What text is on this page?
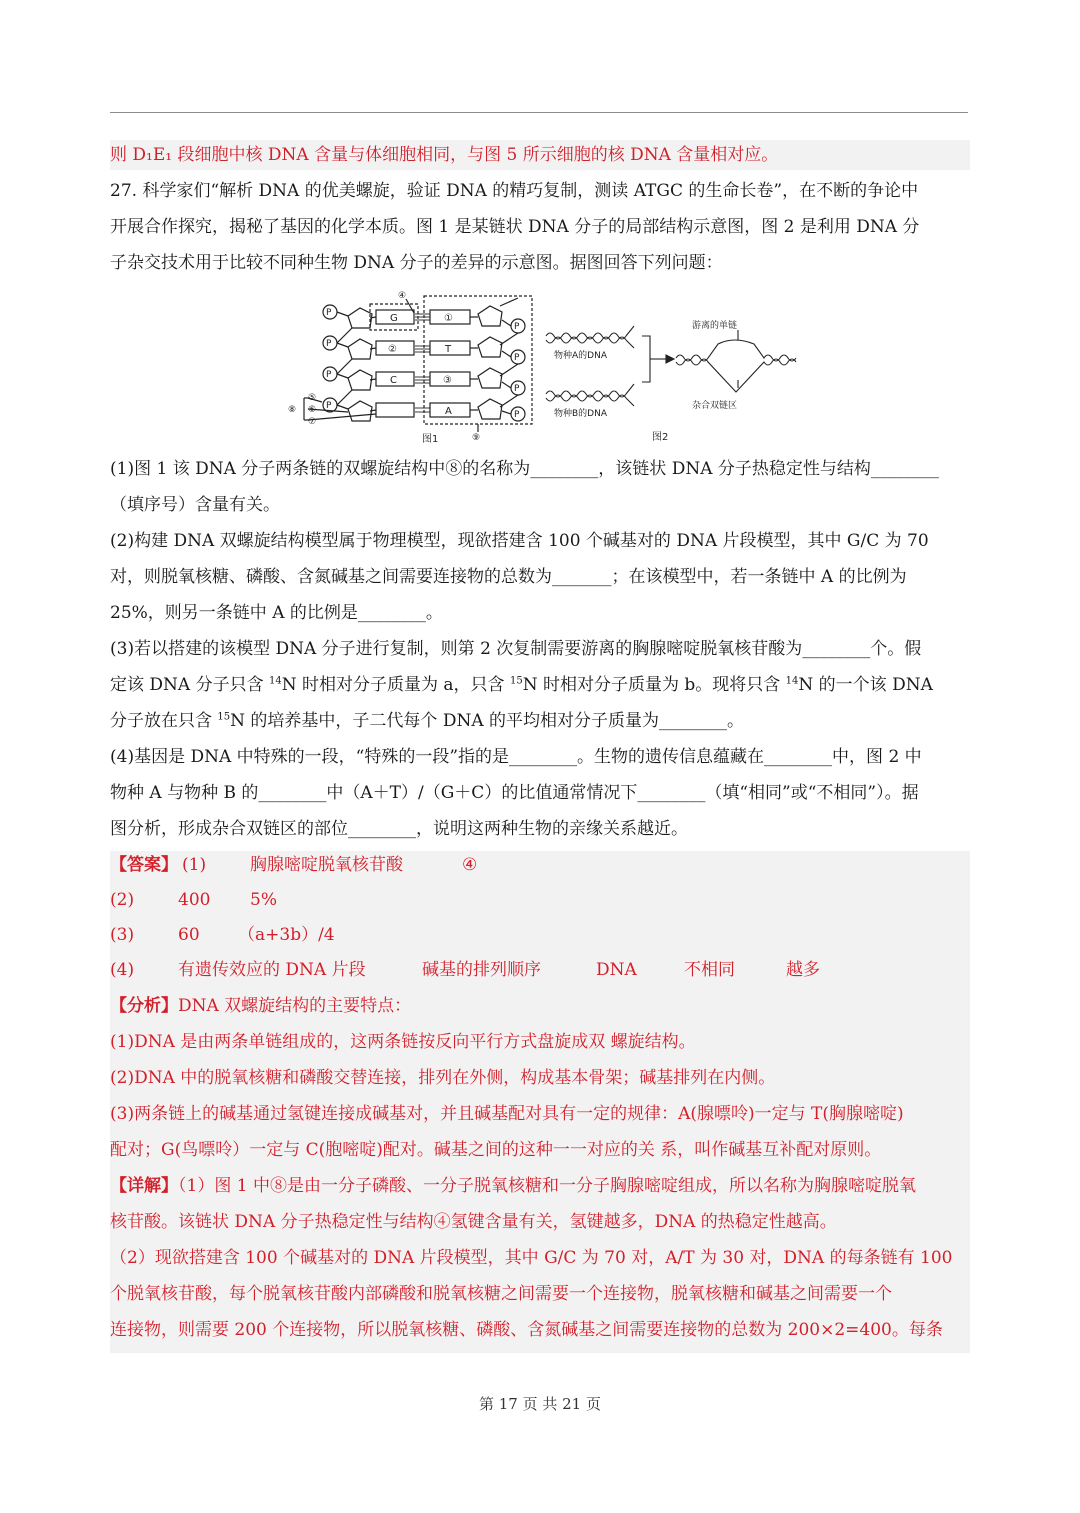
则 D₁E₁ 段细胞中核 DNA 含量与体细胞相同，与图 5 所示细胞的核 DNA 含量相对应。
27. 科学家们“解析 DNA 的优美螺旋，验证 DNA 的精巧复制，测读 ATGC 的生命长卷”，在不断的争论中
开展合作探究，揭秘了基因的化学本质。图 1 是某链状 DNA 分子的局部结构示意图，图 2 是利用 DNA 分
子杂交技术用于比较不同种生物 DNA 分子的差异的示意图。据图回答下列问题：
P
P
P
P
P
P
P
P
G
②
C
①
T
③
A
④
⑤
⑥
⑦
⑧
⑨
图1
物种A的DNA
物种B的DNA
游离的单链
杂合双链区
图2
(1)图 1 该 DNA 分子两条链的双螺旋结构中⑧的名称为________，该链状 DNA 分子热稳定性与结构________
（填序号）含量有关。
(2)构建 DNA 双螺旋结构模型属于物理模型，现欲搭建含 100 个碱基对的 DNA 片段模型，其中 G/C 为 70
对，则脱氧核糖、磷酸、含氮碱基之间需要连接物的总数为_______；在该模型中，若一条链中 A 的比例为
25%，则另一条链中 A 的比例是________。
(3)若以搭建的该模型 DNA 分子进行复制，则第 2 次复制需要游离的胸腺嘧啶脱氧核苷酸为________个。假
定该 DNA 分子只含 $^{14}$N 时相对分子质量为 a，只含 $^{15}$N 时相对分子质量为 b。现将只含 $^{14}$N 的一个该 DNA
分子放在只含 $^{15}$N 的培养基中，子二代每个 DNA 的平均相对分子质量为________。
(4)基因是 DNA 中特殊的一段，“特殊的一段”指的是________。生物的遗传信息蕴藏在________中，图 2 中
物种 A 与物种 B 的________中（A＋T）/（G＋C）的比值通常情况下________（填“相同”或“不相同”）。据
图分析，形成杂合双链区的部位________，说明这两种生物的亲缘关系越近。
【答案】 (1)	胸腺嘧啶脱氧核苷酸	④
(2)	400 5%
(3)	60 （a+3b）/4
(4)	有遗传效应的 DNA 片段	碱基的排列顺序	DNA	不相同	越多
【分析】DNA 双螺旋结构的主要特点：
(1)DNA 是由两条单链组成的，这两条链按反向平行方式盘旋成双 螺旋结构。
(2)DNA 中的脱氧核糖和磷酸交替连接，排列在外侧，构成基本骨架；碱基排列在内侧。
(3)两条链上的碱基通过氢键连接成碱基对，并且碱基配对具有一定的规律：A(腺嘌呤)一定与 T(胸腺嘧啶)
配对；G(鸟嘌呤）一定与 C(胞嘧啶)配对。碱基之间的这种一一对应的关 系，叫作碱基互补配对原则。
【详解】（1）图 1 中⑧是由一分子磷酸、一分子脱氧核糖和一分子胸腺嘧啶组成，所以名称为胸腺嘧啶脱氧
核苷酸。该链状 DNA 分子热稳定性与结构④氢键含量有关，氢键越多，DNA 的热稳定性越高。
（2）现欲搭建含 100 个碱基对的 DNA 片段模型，其中 G/C 为 70 对，A/T 为 30 对，DNA 的每条链有 100
个脱氧核苷酸，每个脱氧核苷酸内部磷酸和脱氧核糖之间需要一个连接物，脱氧核糖和碱基之间需要一个
连接物，则需要 200 个连接物，所以脱氧核糖、磷酸、含氮碱基之间需要连接物的总数为 200×2=400。每条
第 17 页 共 21 页
